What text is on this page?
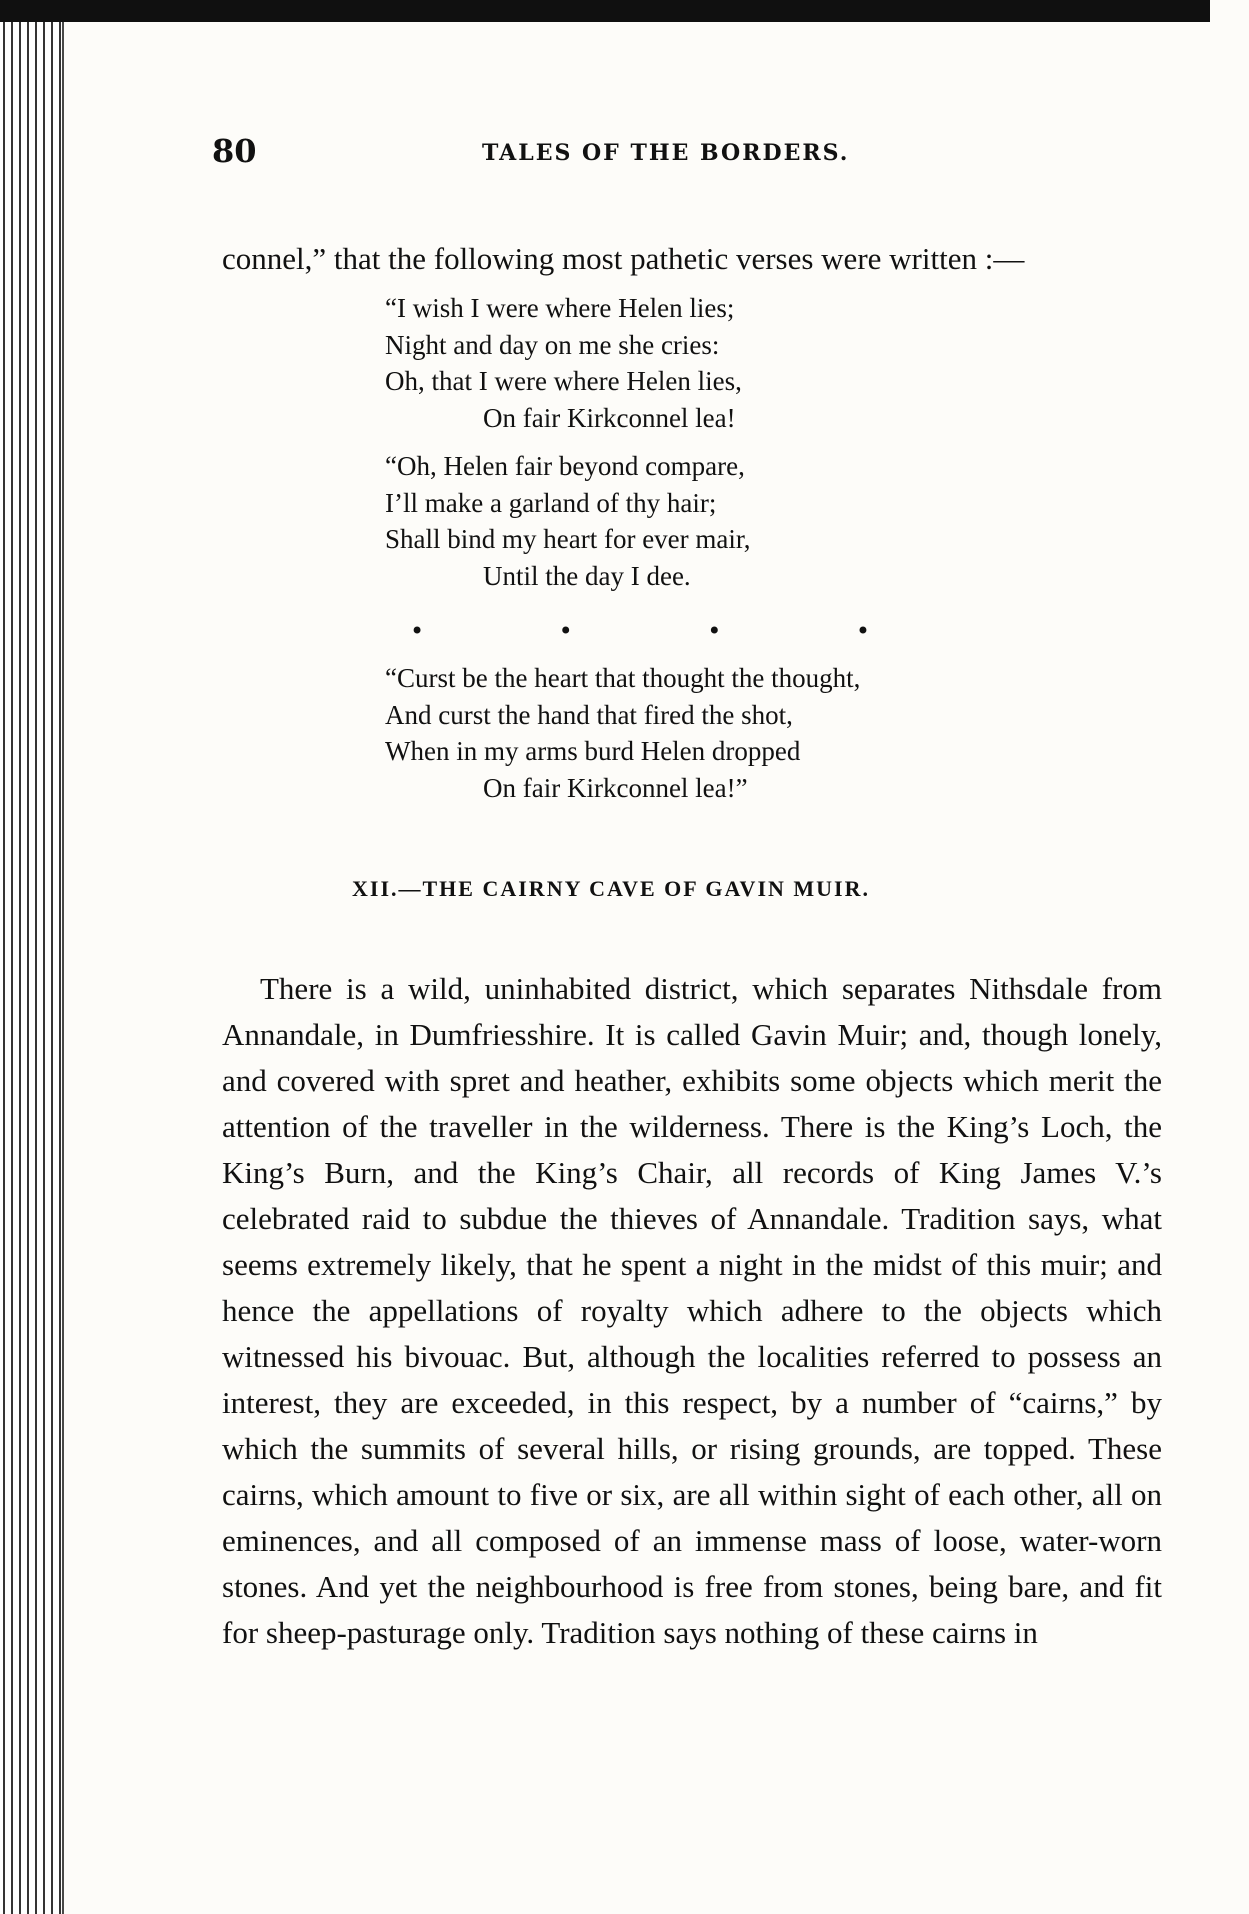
80	TALES OF THE BORDERS.

connel,” that the following most pathetic verses were written :—

“I wish I were where Helen lies;
Night and day on me she cries:
Oh, that I were where Helen lies,
On fair Kirkconnel lea!
“Oh, Helen fair beyond compare,
I’ll make a garland of thy hair;
Shall bind my heart for ever mair,
Until the day I dee.
“Curst be the heart that thought the thought,
And curst the hand that fired the shot,
When in my arms burd Helen dropped
On fair Kirkconnel lea!”
•	•	•	•
XII.—THE CAIRNY CAVE OF GAVIN MUIR.

There is a wild, uninhabited district, which separates Nithsdale from Annandale, in Dumfriesshire. It is called Gavin Muir; and, though lonely, and covered with spret and heather, exhibits some objects which merit the attention of the traveller in the wilderness. There is the King’s Loch, the King’s Burn, and the King’s Chair, all records of King James V.’s celebrated raid to subdue the thieves of Annandale. Tradition says, what seems extremely likely, that he spent a night in the midst of this muir; and hence the appellations of royalty which adhere to the objects which witnessed his bivouac. But, although the localities referred to possess an interest, they are exceeded, in this respect, by a number of “cairns,” by which the summits of several hills, or rising grounds, are topped. These cairns, which amount to five or six, are all within sight of each other, all on eminences, and all composed of an immense mass of loose, water-worn stones. And yet the neighbourhood is free from stones, being bare, and fit for sheep-pasturage only. Tradition says nothing of these cairns in
